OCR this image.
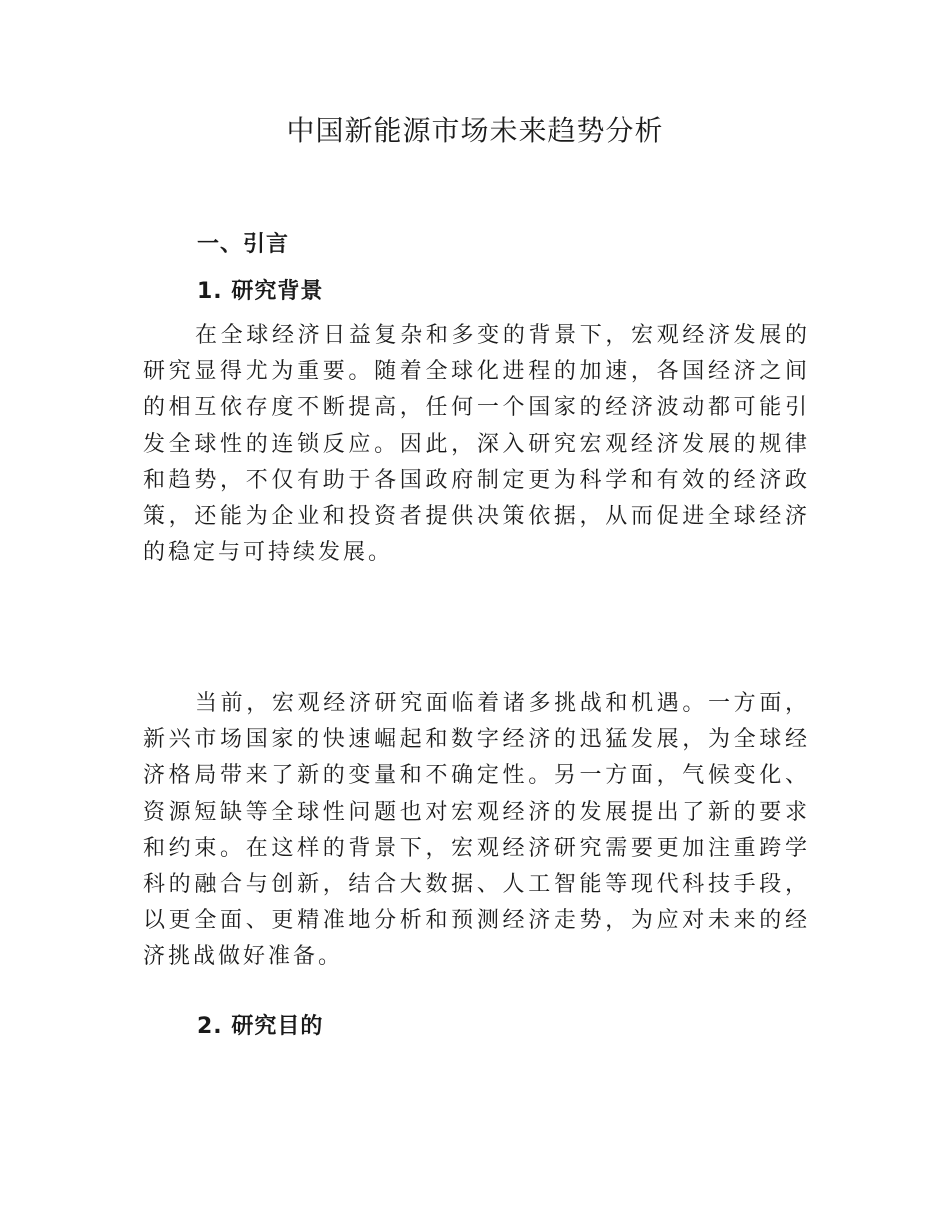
中国新能源市场未来趋势分析
一、引言
1. 研究背景

在全球经济日益复杂和多变的背景下，宏观经济发展的研究显得尤为重要。随着全球化进程的加速，各国经济之间的相互依存度不断提高，任何一个国家的经济波动都可能引发全球性的连锁反应。因此，深入研究宏观经济发展的规律和趋势，不仅有助于各国政府制定更为科学和有效的经济政策，还能为企业和投资者提供决策依据，从而促进全球经济的稳定与可持续发展。

当前，宏观经济研究面临着诸多挑战和机遇。一方面，新兴市场国家的快速崛起和数字经济的迅猛发展，为全球经济格局带来了新的变量和不确定性。另一方面，气候变化、资源短缺等全球性问题也对宏观经济的发展提出了新的要求和约束。在这样的背景下，宏观经济研究需要更加注重跨学科的融合与创新，结合大数据、人工智能等现代科技手段，以更全面、更精准地分析和预测经济走势，为应对未来的经济挑战做好准备。

2. 研究目的
